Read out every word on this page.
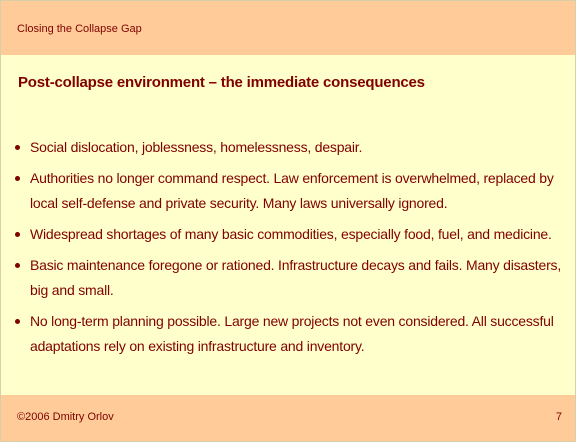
Closing the Collapse Gap
Post-collapse environment – the immediate consequences
Social dislocation, joblessness, homelessness, despair.
Authorities no longer command respect. Law enforcement is overwhelmed, replaced by local self-defense and private security. Many laws universally ignored.
Widespread shortages of many basic commodities, especially food, fuel, and medicine.
Basic maintenance foregone or rationed. Infrastructure decays and fails. Many disasters, big and small.
No long-term planning possible. Large new projects not even considered. All successful adaptations rely on existing infrastructure and inventory.
©2006 Dmitry Orlov	7
